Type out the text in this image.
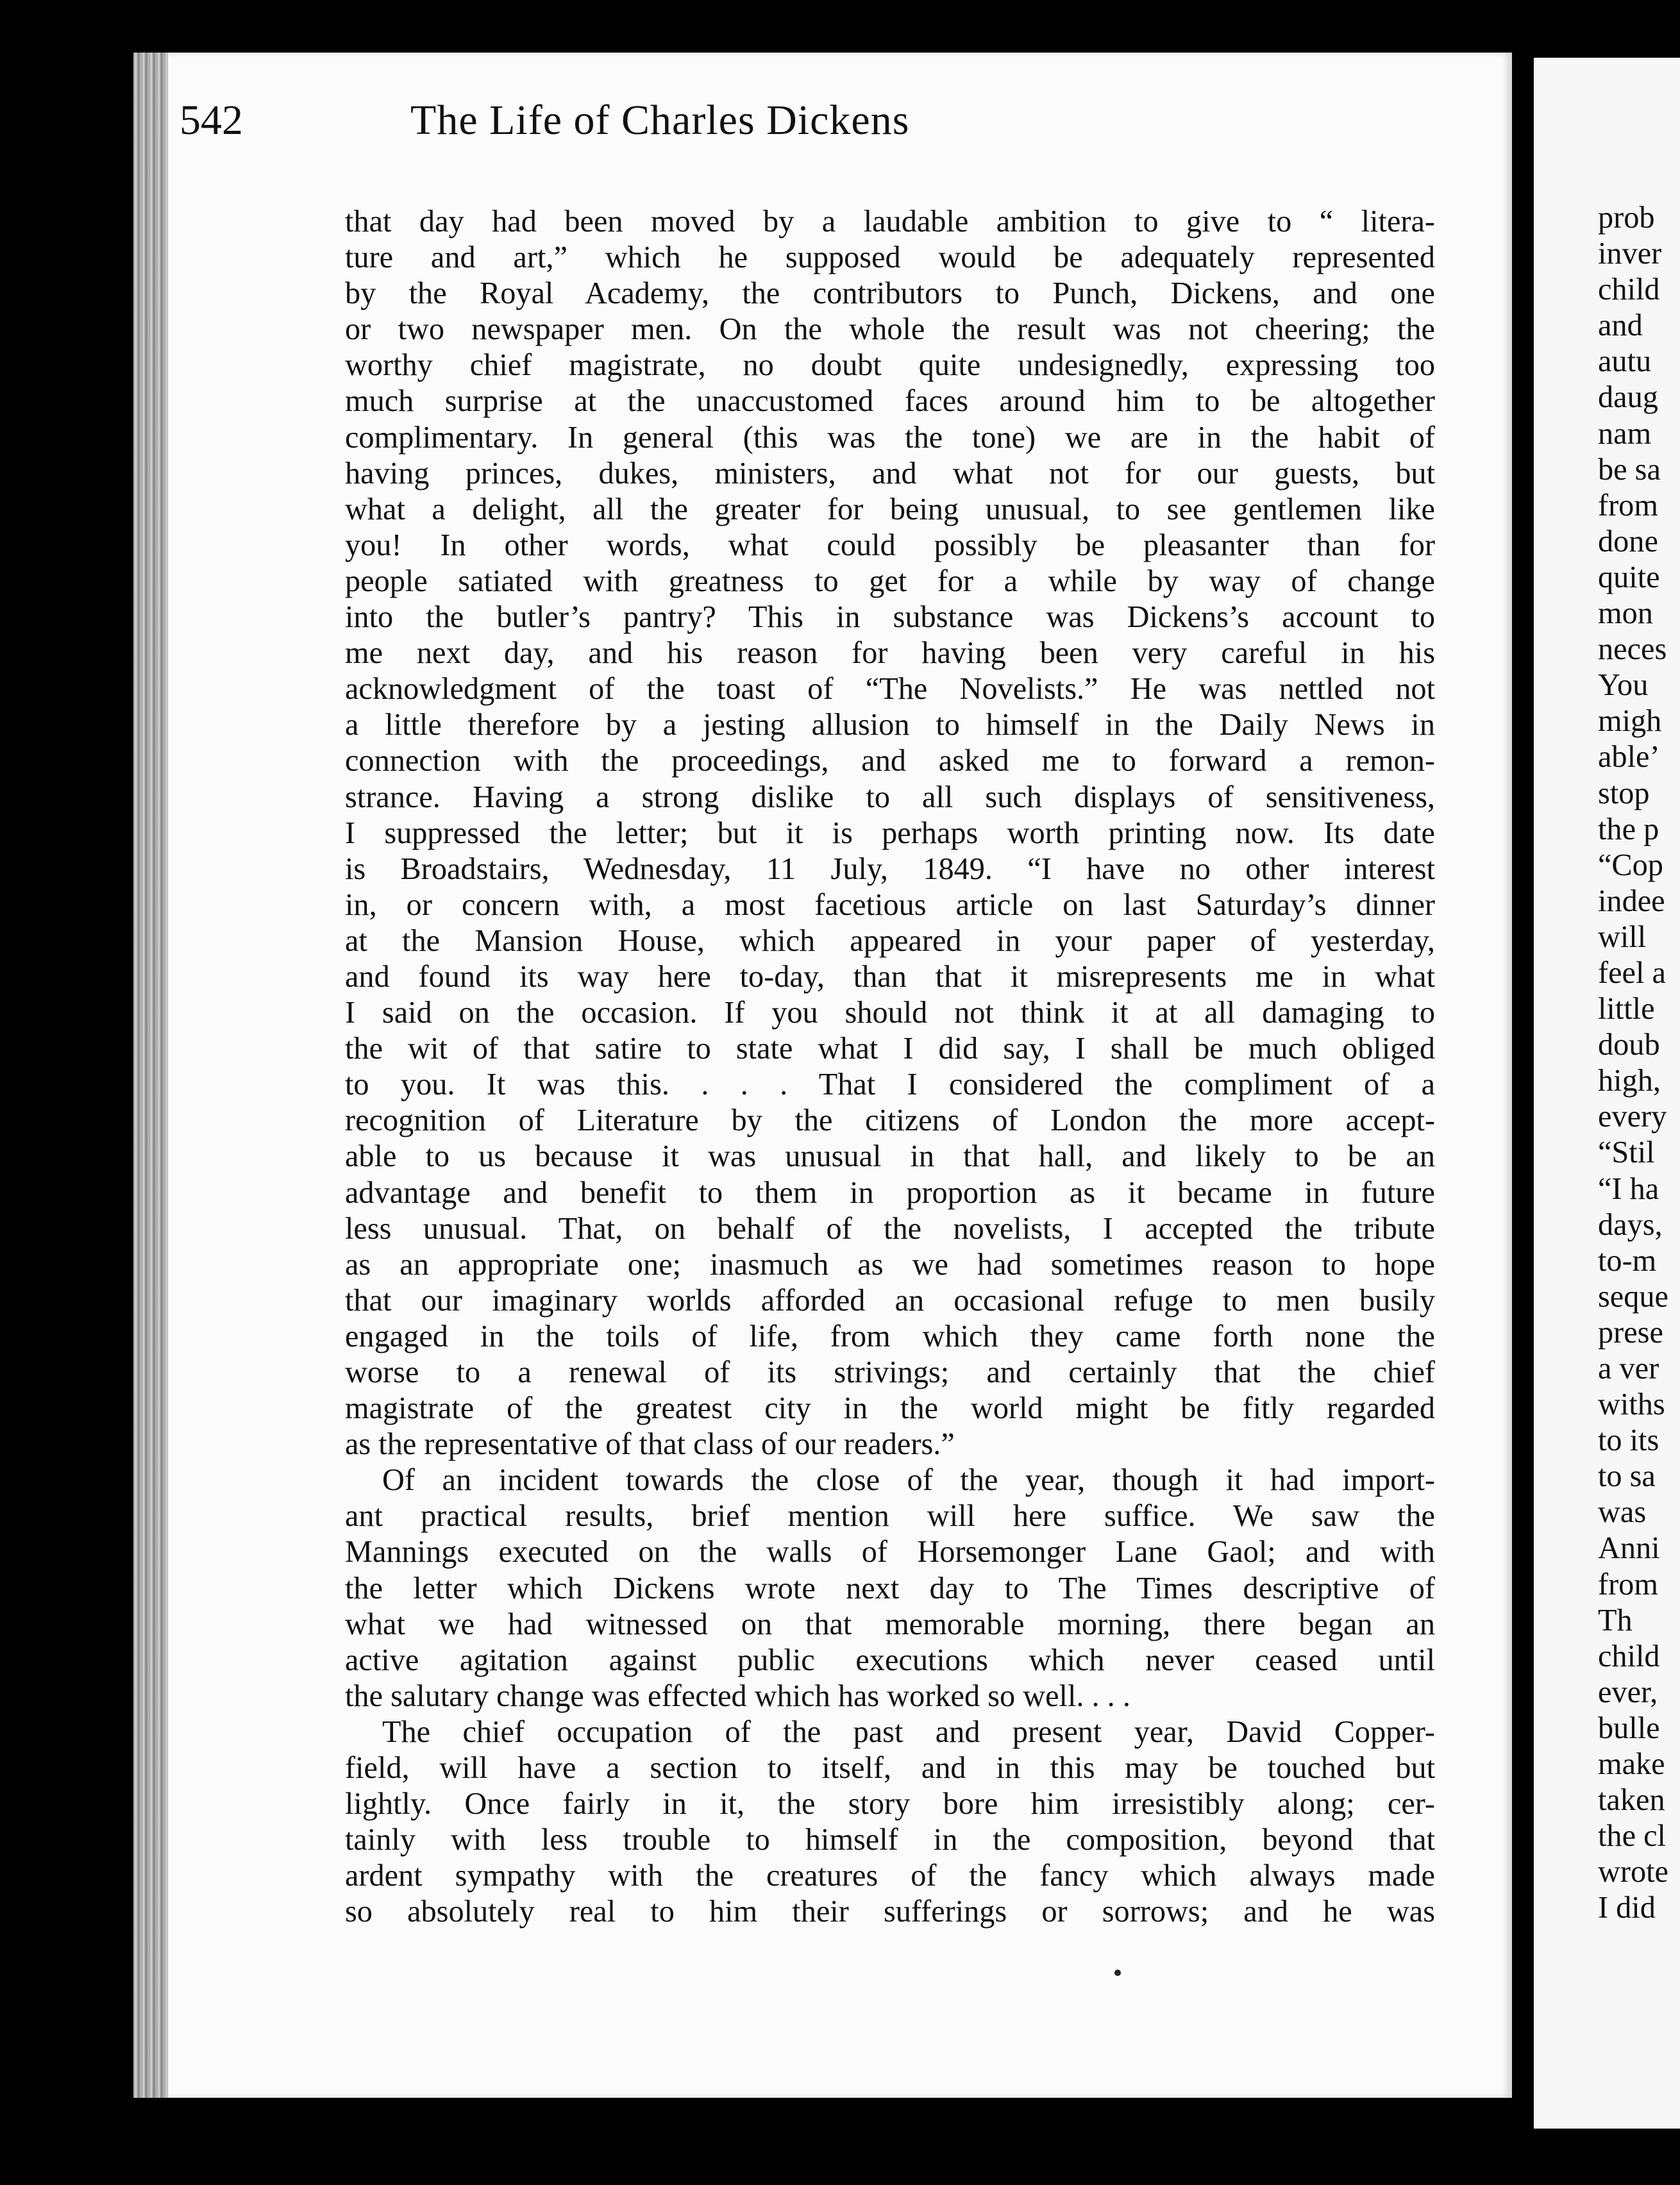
542	The Life of Charles Dickens
that day had been moved by a laudable ambition to give to “ litera-
ture and art,” which he supposed would be adequately represented
by the Royal Academy, the contributors to Punch, Dickens, and one
or two newspaper men. On the whole the result was not cheering; the
worthy chief magistrate, no doubt quite undesignedly, expressing too
much surprise at the unaccustomed faces around him to be altogether
complimentary. In general (this was the tone) we are in the habit of
having princes, dukes, ministers, and what not for our guests, but
what a delight, all the greater for being unusual, to see gentlemen like
you! In other words, what could possibly be pleasanter than for
people satiated with greatness to get for a while by way of change
into the butler’s pantry? This in substance was Dickens’s account to
me next day, and his reason for having been very careful in his
acknowledgment of the toast of “The Novelists.” He was nettled not
a little therefore by a jesting allusion to himself in the Daily News in
connection with the proceedings, and asked me to forward a remon-
strance. Having a strong dislike to all such displays of sensitiveness,
I suppressed the letter; but it is perhaps worth printing now. Its date
is Broadstairs, Wednesday, 11 July, 1849. “I have no other interest
in, or concern with, a most facetious article on last Saturday’s dinner
at the Mansion House, which appeared in your paper of yesterday,
and found its way here to-day, than that it misrepresents me in what
I said on the occasion. If you should not think it at all damaging to
the wit of that satire to state what I did say, I shall be much obliged
to you. It was this. . . . That I considered the compliment of a
recognition of Literature by the citizens of London the more accept-
able to us because it was unusual in that hall, and likely to be an
advantage and benefit to them in proportion as it became in future
less unusual. That, on behalf of the novelists, I accepted the tribute
as an appropriate one; inasmuch as we had sometimes reason to hope
that our imaginary worlds afforded an occasional refuge to men busily
engaged in the toils of life, from which they came forth none the
worse to a renewal of its strivings; and certainly that the chief
magistrate of the greatest city in the world might be fitly regarded
as the representative of that class of our readers.”
Of an incident towards the close of the year, though it had import-
ant practical results, brief mention will here suffice. We saw the
Mannings executed on the walls of Horsemonger Lane Gaol; and with
the letter which Dickens wrote next day to The Times descriptive of
what we had witnessed on that memorable morning, there began an
active agitation against public executions which never ceased until
the salutary change was effected which has worked so well. . . .
The chief occupation of the past and present year, David Copper-
field, will have a section to itself, and in this may be touched but
lightly. Once fairly in it, the story bore him irresistibly along; cer-
tainly with less trouble to himself in the composition, beyond that
ardent sympathy with the creatures of the fancy which always made
so absolutely real to him their sufferings or sorrows; and he was
prob
inver
child
and
autu
daug
nam
be sa
from
done
quite
mon
neces
You
migh
able’
stop
the p
“Cop
indee
will
feel a
little
doub
high,
every
“Stil
“I ha
days,
to-m
seque
prese
a ver
withs
to its
to sa
was
Anni
from
Th
child
ever,
bulle
make
taken
the cl
wrote
I did
